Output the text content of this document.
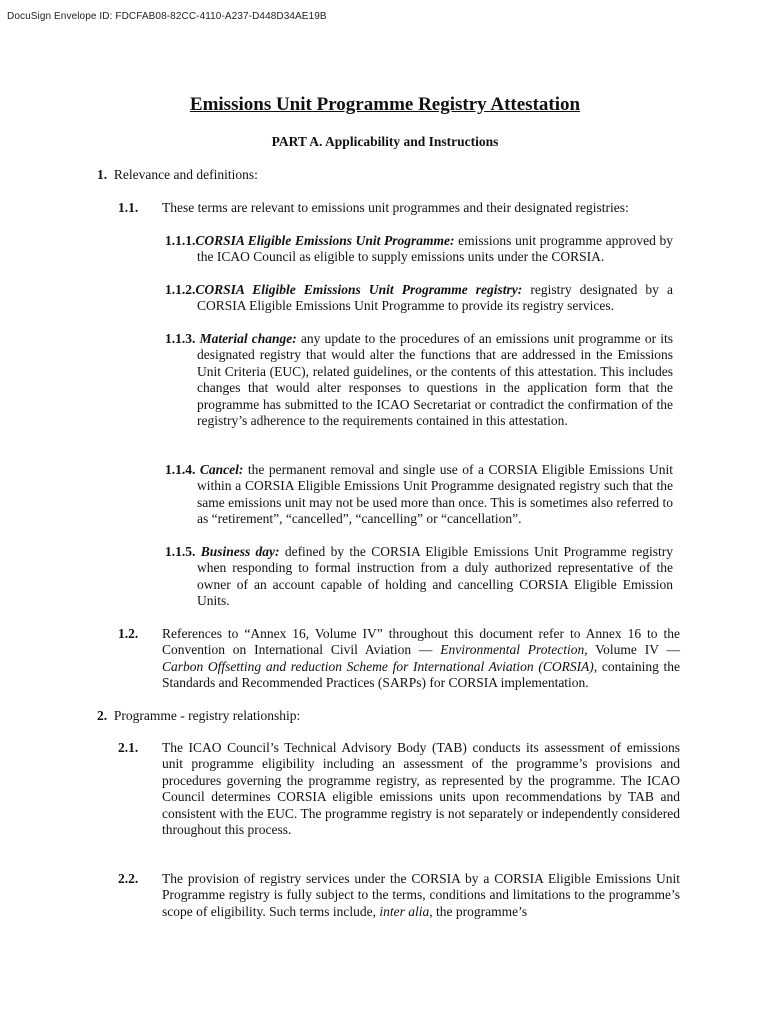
DocuSign Envelope ID: FDCFAB08-82CC-4110-A237-D448D34AE19B
Emissions Unit Programme Registry Attestation
PART A. Applicability and Instructions
1. Relevance and definitions:
1.1. These terms are relevant to emissions unit programmes and their designated registries:
1.1.1.CORSIA Eligible Emissions Unit Programme: emissions unit programme approved by the ICAO Council as eligible to supply emissions units under the CORSIA.
1.1.2.CORSIA Eligible Emissions Unit Programme registry: registry designated by a CORSIA Eligible Emissions Unit Programme to provide its registry services.
1.1.3. Material change: any update to the procedures of an emissions unit programme or its designated registry that would alter the functions that are addressed in the Emissions Unit Criteria (EUC), related guidelines, or the contents of this attestation. This includes changes that would alter responses to questions in the application form that the programme has submitted to the ICAO Secretariat or contradict the confirmation of the registry’s adherence to the requirements contained in this attestation.
1.1.4. Cancel: the permanent removal and single use of a CORSIA Eligible Emissions Unit within a CORSIA Eligible Emissions Unit Programme designated registry such that the same emissions unit may not be used more than once. This is sometimes also referred to as “retirement”, “cancelled”, “cancelling” or “cancellation”.
1.1.5. Business day: defined by the CORSIA Eligible Emissions Unit Programme registry when responding to formal instruction from a duly authorized representative of the owner of an account capable of holding and cancelling CORSIA Eligible Emission Units.
1.2. References to “Annex 16, Volume IV” throughout this document refer to Annex 16 to the Convention on International Civil Aviation — Environmental Protection, Volume IV — Carbon Offsetting and reduction Scheme for International Aviation (CORSIA), containing the Standards and Recommended Practices (SARPs) for CORSIA implementation.
2. Programme - registry relationship:
2.1. The ICAO Council’s Technical Advisory Body (TAB) conducts its assessment of emissions unit programme eligibility including an assessment of the programme’s provisions and procedures governing the programme registry, as represented by the programme. The ICAO Council determines CORSIA eligible emissions units upon recommendations by TAB and consistent with the EUC. The programme registry is not separately or independently considered throughout this process.
2.2. The provision of registry services under the CORSIA by a CORSIA Eligible Emissions Unit Programme registry is fully subject to the terms, conditions and limitations to the programme’s scope of eligibility. Such terms include, inter alia, the programme’s
